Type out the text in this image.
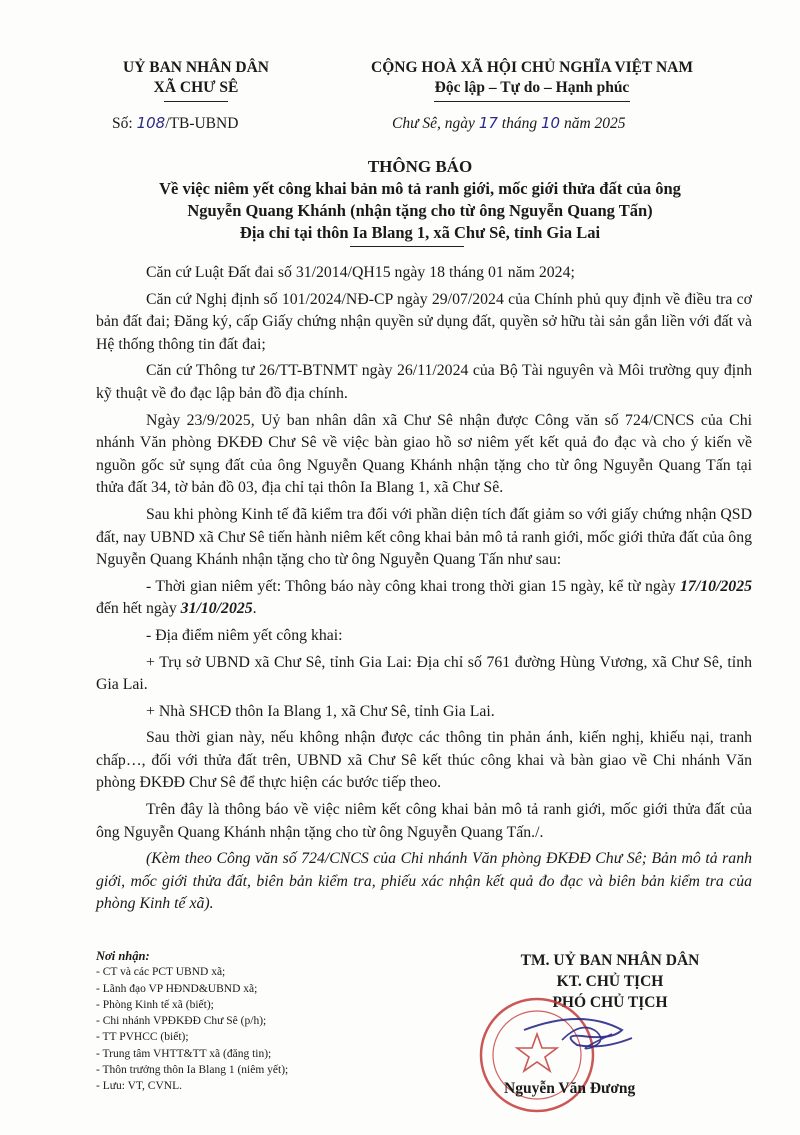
UỶ BAN NHÂN DÂN
XÃ CHƯ SÊ
CỘNG HOÀ XÃ HỘI CHỦ NGHĨA VIỆT NAM
Độc lập – Tự do – Hạnh phúc
Số: 108/TB-UBND	Chư Sê, ngày 17 tháng 10 năm 2025
THÔNG BÁO
Về việc niêm yết công khai bản mô tả ranh giới, mốc giới thửa đất của ông
Nguyễn Quang Khánh (nhận tặng cho từ ông Nguyễn Quang Tấn)
Địa chỉ tại thôn Ia Blang 1, xã Chư Sê, tỉnh Gia Lai

Căn cứ Luật Đất đai số 31/2014/QH15 ngày 18 tháng 01 năm 2024;

Căn cứ Nghị định số 101/2024/NĐ-CP ngày 29/07/2024 của Chính phủ quy định về điều tra cơ bản đất đai; Đăng ký, cấp Giấy chứng nhận quyền sử dụng đất, quyền sở hữu tài sản gắn liền với đất và Hệ thống thông tin đất đai;

Căn cứ Thông tư 26/TT-BTNMT ngày 26/11/2024 của Bộ Tài nguyên và Môi trường quy định kỹ thuật về đo đạc lập bản đồ địa chính.

Ngày 23/9/2025, Uỷ ban nhân dân xã Chư Sê nhận được Công văn số 724/CNCS của Chi nhánh Văn phòng ĐKĐĐ Chư Sê về việc bàn giao hồ sơ niêm yết kết quả đo đạc và cho ý kiến về nguồn gốc sử sụng đất của ông Nguyễn Quang Khánh nhận tặng cho từ ông Nguyễn Quang Tấn tại thửa đất 34, tờ bản đồ 03, địa chỉ tại thôn Ia Blang 1, xã Chư Sê.

Sau khi phòng Kinh tế đã kiểm tra đối với phần diện tích đất giảm so với giấy chứng nhận QSD đất, nay UBND xã Chư Sê tiến hành niêm kết công khai bản mô tả ranh giới, mốc giới thửa đất của ông Nguyễn Quang Khánh nhận tặng cho từ ông Nguyễn Quang Tấn như sau:

- Thời gian niêm yết: Thông báo này công khai trong thời gian 15 ngày, kể từ ngày 17/10/2025 đến hết ngày 31/10/2025.

- Địa điểm niêm yết công khai:

+ Trụ sở UBND xã Chư Sê, tỉnh Gia Lai: Địa chỉ số 761 đường Hùng Vương, xã Chư Sê, tỉnh Gia Lai.

+ Nhà SHCĐ thôn Ia Blang 1, xã Chư Sê, tỉnh Gia Lai.

Sau thời gian này, nếu không nhận được các thông tin phản ánh, kiến nghị, khiếu nại, tranh chấp…, đối với thửa đất trên, UBND xã Chư Sê kết thúc công khai và bàn giao về Chi nhánh Văn phòng ĐKĐĐ Chư Sê để thực hiện các bước tiếp theo.

Trên đây là thông báo về việc niêm kết công khai bản mô tả ranh giới, mốc giới thửa đất của ông Nguyễn Quang Khánh nhận tặng cho từ ông Nguyễn Quang Tấn./.

(Kèm theo Công văn số 724/CNCS của Chi nhánh Văn phòng ĐKĐĐ Chư Sê; Bản mô tả ranh giới, mốc giới thửa đất, biên bản kiểm tra, phiếu xác nhận kết quả đo đạc và biên bản kiểm tra của phòng Kinh tế xã).

Nơi nhận:
- CT và các PCT UBND xã;
- Lãnh đạo VP HĐND&UBND xã;
- Phòng Kinh tế xã (biết);
- Chi nhánh VPĐKĐĐ Chư Sê (p/h);
- TT PVHCC (biết);
- Trung tâm VHTT&TT xã (đăng tin);
- Thôn trưởng thôn Ia Blang 1 (niêm yết);
- Lưu: VT, CVNL.
TM. UỶ BAN NHÂN DÂN
KT. CHỦ TỊCH
PHÓ CHỦ TỊCH
Nguyễn Văn Đương
